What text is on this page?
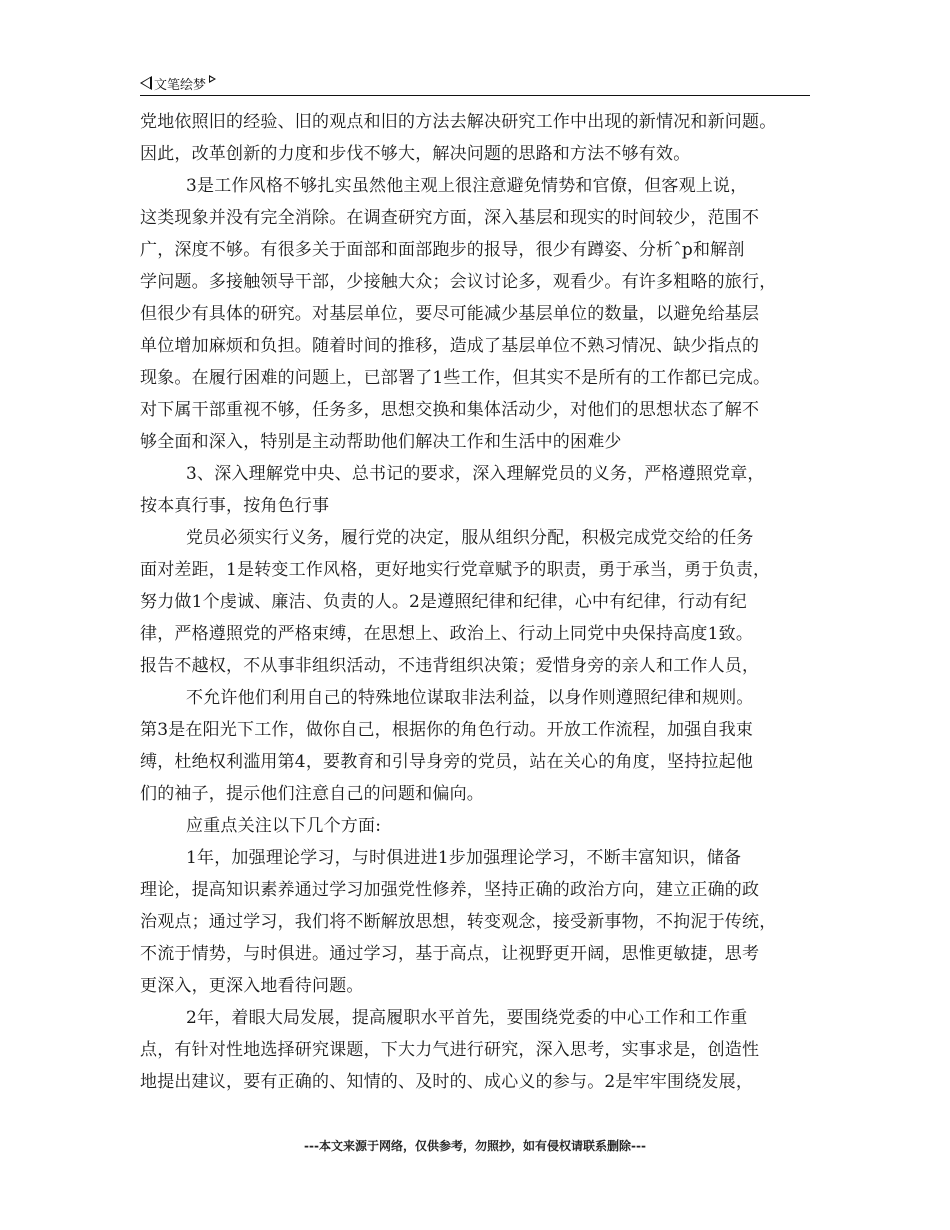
文笔绘梦
党地依照旧的经验、旧的观点和旧的方法去解决研究工作中出现的新情况和新问题。
因此，改革创新的力度和步伐不够大，解决问题的思路和方法不够有效。
3是工作风格不够扎实虽然他主观上很注意避免情势和官僚，但客观上说，
这类现象并没有完全消除。在调查研究方面，深入基层和现实的时间较少，范围不
广，深度不够。有很多关于面部和面部跑步的报导，很少有蹲姿、分析ˆp和解剖
学问题。多接触领导干部，少接触大众；会议讨论多，观看少。有许多粗略的旅行，
但很少有具体的研究。对基层单位，要尽可能减少基层单位的数量，以避免给基层
单位增加麻烦和负担。随着时间的推移，造成了基层单位不熟习情况、缺少指点的
现象。在履行困难的问题上，已部署了1些工作，但其实不是所有的工作都已完成。
对下属干部重视不够，任务多，思想交换和集体活动少，对他们的思想状态了解不
够全面和深入，特别是主动帮助他们解决工作和生活中的困难少
3、深入理解党中央、总书记的要求，深入理解党员的义务，严格遵照党章，
按本真行事，按角色行事
党员必须实行义务，履行党的决定，服从组织分配，积极完成党交给的任务
面对差距，1是转变工作风格，更好地实行党章赋予的职责，勇于承当，勇于负责，
努力做1个虔诚、廉洁、负责的人。2是遵照纪律和纪律，心中有纪律，行动有纪
律，严格遵照党的严格束缚，在思想上、政治上、行动上同党中央保持高度1致。
报告不越权，不从事非组织活动，不违背组织决策；爱惜身旁的亲人和工作人员，
不允许他们利用自己的特殊地位谋取非法利益，以身作则遵照纪律和规则。
第3是在阳光下工作，做你自己，根据你的角色行动。开放工作流程，加强自我束
缚，杜绝权利滥用第4，要教育和引导身旁的党员，站在关心的角度，坚持拉起他
们的袖子，提示他们注意自己的问题和偏向。
应重点关注以下几个方面:
1年，加强理论学习，与时俱进进1步加强理论学习，不断丰富知识，储备
理论，提高知识素养通过学习加强党性修养，坚持正确的政治方向，建立正确的政
治观点；通过学习，我们将不断解放思想，转变观念，接受新事物，不拘泥于传统，
不流于情势，与时俱进。通过学习，基于高点，让视野更开阔，思惟更敏捷，思考
更深入，更深入地看待问题。
2年，着眼大局发展，提高履职水平首先，要围绕党委的中心工作和工作重
点，有针对性地选择研究课题，下大力气进行研究，深入思考，实事求是，创造性
地提出建议，要有正确的、知情的、及时的、成心义的参与。2是牢牢围绕发展，
---本文来源于网络，仅供参考，勿照抄，如有侵权请联系删除---
